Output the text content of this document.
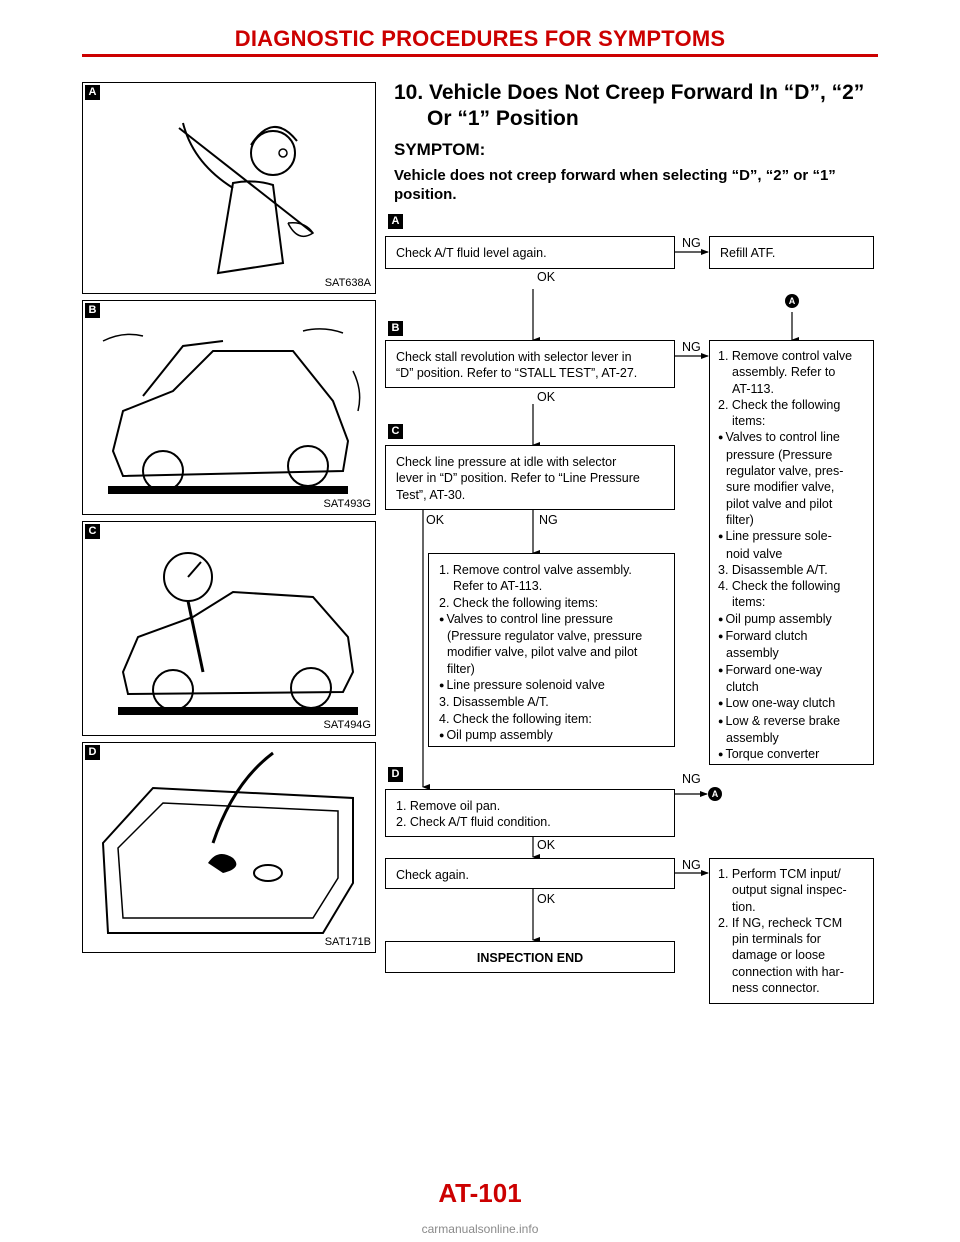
DIAGNOSTIC PROCEDURES FOR SYMPTOMS
A
SAT638A
B
SAT493G
C
SAT494G
D
SAT171B
10. Vehicle Does Not Creep Forward In “D”, “2”
Or “1” Position
SYMPTOM:
Vehicle does not creep forward when selecting “D”, “2” or “1” position.
A
B
C
D
A
A
Check A/T fluid level again.
OK
NG
Refill ATF.
Check stall revolution with selector lever in
“D” position. Refer to “STALL TEST”, AT-27.
OK
NG
1. Remove control valve
assembly. Refer to
AT-113.
2. Check the following
items:
● Valves to control line
pressure (Pressure
regulator valve, pres-
sure modifier valve,
pilot valve and pilot
filter)
● Line pressure sole-
noid valve
3. Disassemble A/T.
4. Check the following
items:
● Oil pump assembly
● Forward clutch
assembly
● Forward one-way
clutch
● Low one-way clutch
● Low & reverse brake
assembly
● Torque converter
Check line pressure at idle with selector
lever in “D” position. Refer to “Line Pressure
Test”, AT-30.
OK	NG
1. Remove control valve assembly.
Refer to AT-113.
2. Check the following items:
● Valves to control line pressure
(Pressure regulator valve, pressure
modifier valve, pilot valve and pilot
filter)
● Line pressure solenoid valve
3. Disassemble A/T.
4. Check the following item:
● Oil pump assembly
1. Remove oil pan.
2. Check A/T fluid condition.
NG
OK
Check again.
NG
OK
1. Perform TCM input/
output signal inspec-
tion.
2. If NG, recheck TCM
pin terminals for
damage or loose
connection with har-
ness connector.
INSPECTION END
AT-101
carmanualsonline.info
